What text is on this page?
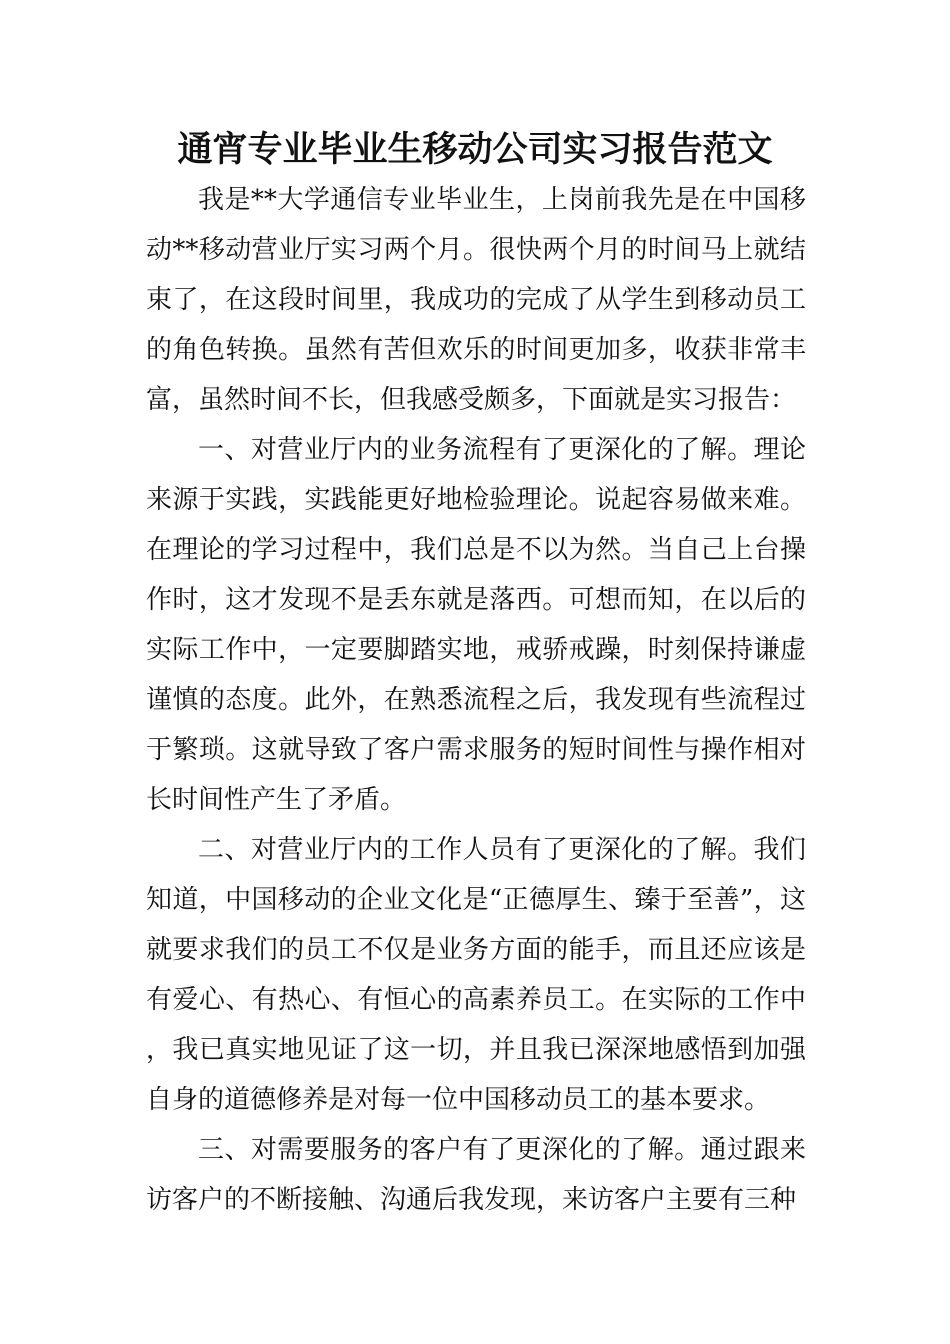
通宵专业毕业生移动公司实习报告范文

我是**大学通信专业毕业生，上岗前我先是在中国移动**移动营业厅实习两个月。很快两个月的时间马上就结束了，在这段时间里，我成功的完成了从学生到移动员工的角色转换。虽然有苦但欢乐的时间更加多，收获非常丰富，虽然时间不长，但我感受颇多，下面就是实习报告：

一、对营业厅内的业务流程有了更深化的了解。理论来源于实践，实践能更好地检验理论。说起容易做来难。在理论的学习过程中，我们总是不以为然。当自己上台操作时，这才发现不是丢东就是落西。可想而知，在以后的实际工作中，一定要脚踏实地，戒骄戒躁，时刻保持谦虚谨慎的态度。此外，在熟悉流程之后，我发现有些流程过于繁琐。这就导致了客户需求服务的短时间性与操作相对长时间性产生了矛盾。

二、对营业厅内的工作人员有了更深化的了解。我们知道，中国移动的企业文化是“正德厚生、臻于至善”，这就要求我们的员工不仅是业务方面的能手，而且还应该是有爱心、有热心、有恒心的高素养员工。在实际的工作中，我已真实地见证了这一切，并且我已深深地感悟到加强自身的道德修养是对每一位中国移动员工的基本要求。

三、对需要服务的客户有了更深化的了解。通过跟来访客户的不断接触、沟通后我发现，来访客户主要有三种
